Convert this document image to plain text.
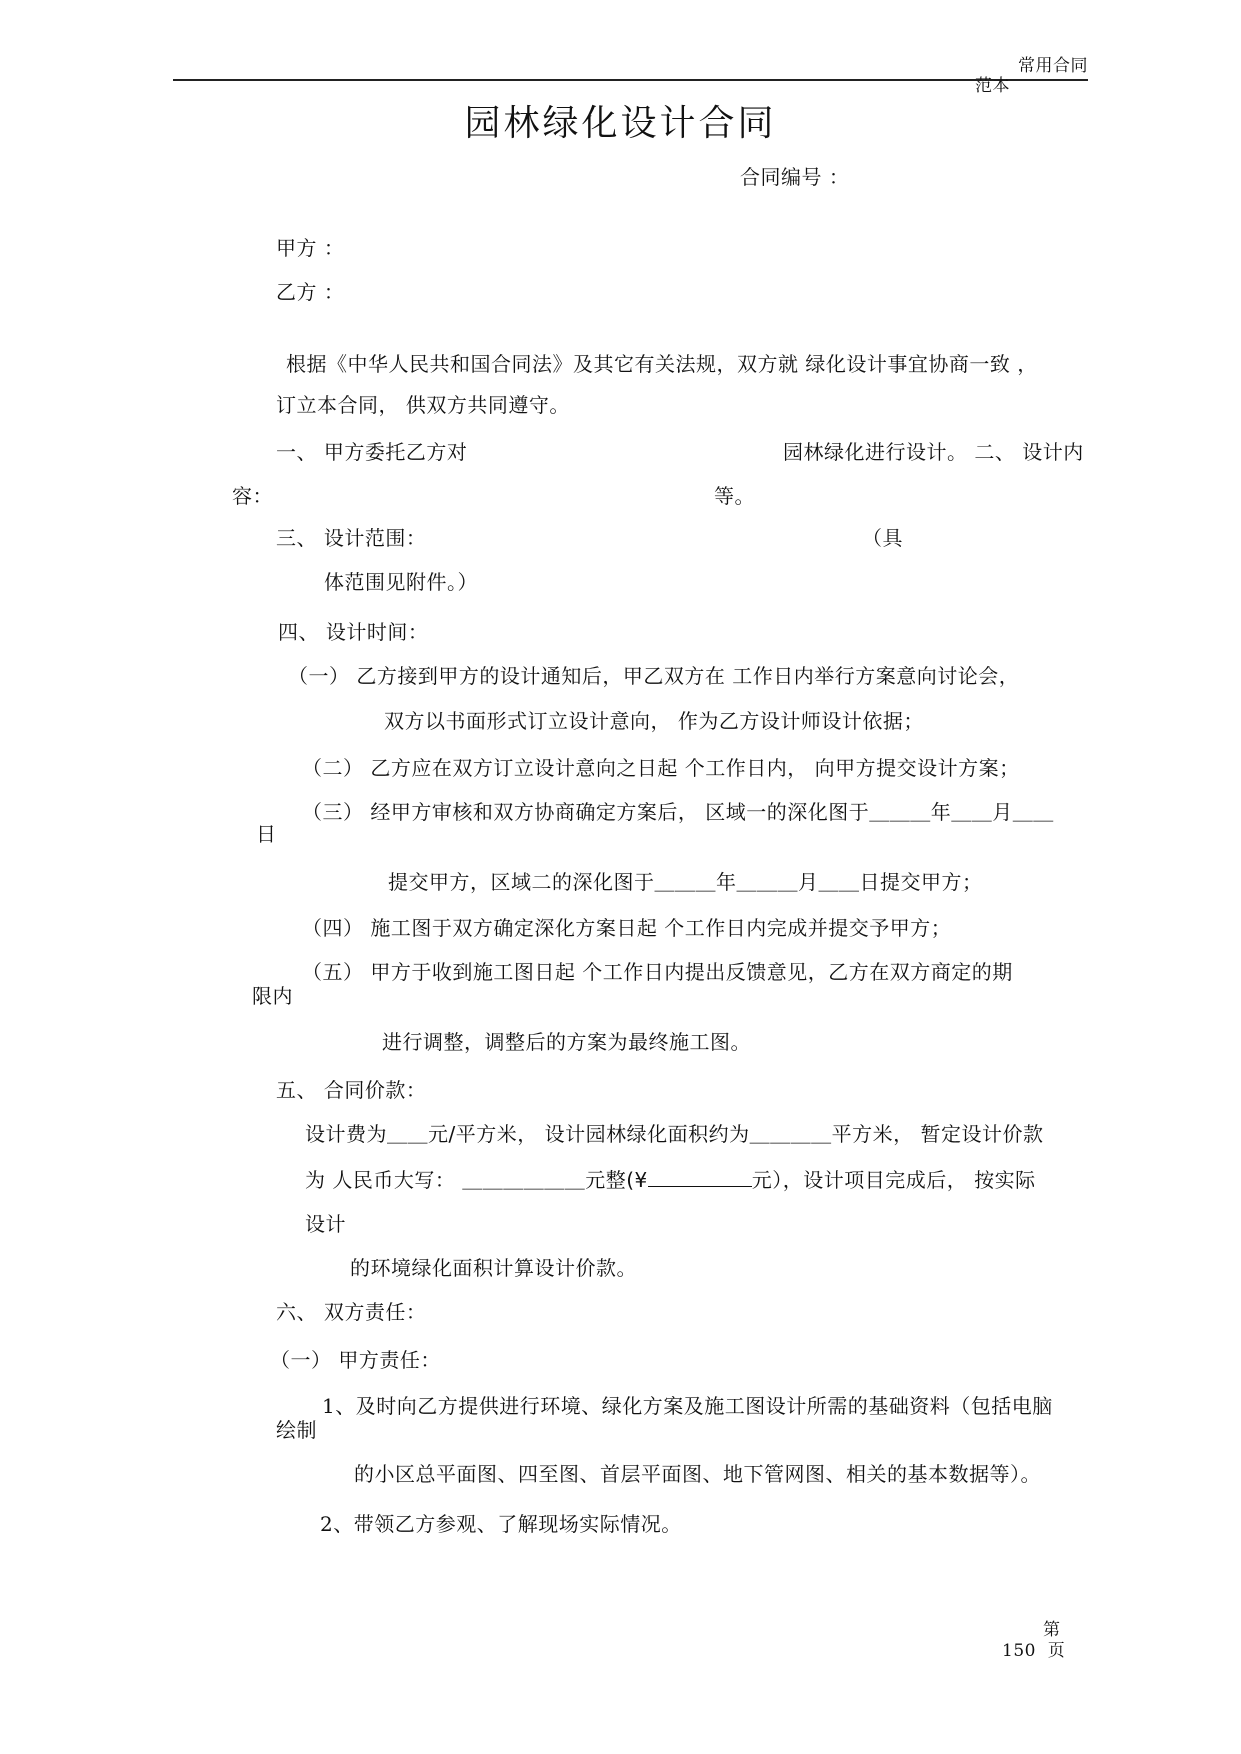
常用合同
范本
园林绿化设计合同
合同编号 ：
甲方 ：
乙方 ：
根据《中华人民共和国合同法》及其它有关法规，双方就 绿化设计事宜协商一致 ，
订立本合同， 供双方共同遵守。
一、 甲方委托乙方对	园林绿化进行设计。 二、 设计内
容：	等。
三、 设计范围：	（具
体范围见附件。）
四、 设计时间：
（一） 乙方接到甲方的设计通知后，甲乙双方在 工作日内举行方案意向讨论会，
双方以书面形式订立设计意向， 作为乙方设计师设计依据；
（二） 乙方应在双方订立设计意向之日起 个工作日内， 向甲方提交设计方案；
（三） 经甲方审核和双方协商确定方案后， 区域一的深化图于＿＿＿年＿＿月＿＿
日
提交甲方，区域二的深化图于＿＿＿年＿＿＿月＿＿日提交甲方；
（四） 施工图于双方确定深化方案日起 个工作日内完成并提交予甲方；
（五） 甲方于收到施工图日起 个工作日内提出反馈意见，乙方在双方商定的期
限内
进行调整，调整后的方案为最终施工图。
五、 合同价款：
设计费为＿＿元/平方米， 设计园林绿化面积约为＿＿＿＿平方米， 暂定设计价款
为 人民币大写： ＿＿＿＿＿＿元整(¥	元），设计项目完成后， 按实际
设计
的环境绿化面积计算设计价款。
六、 双方责任：
（一） 甲方责任：
1、及时向乙方提供进行环境、绿化方案及施工图设计所需的基础资料（包括电脑
绘制
的小区总平面图、四至图、首层平面图、地下管网图、相关的基本数据等）。
2、带领乙方参观、了解现场实际情况。
第
150 页
